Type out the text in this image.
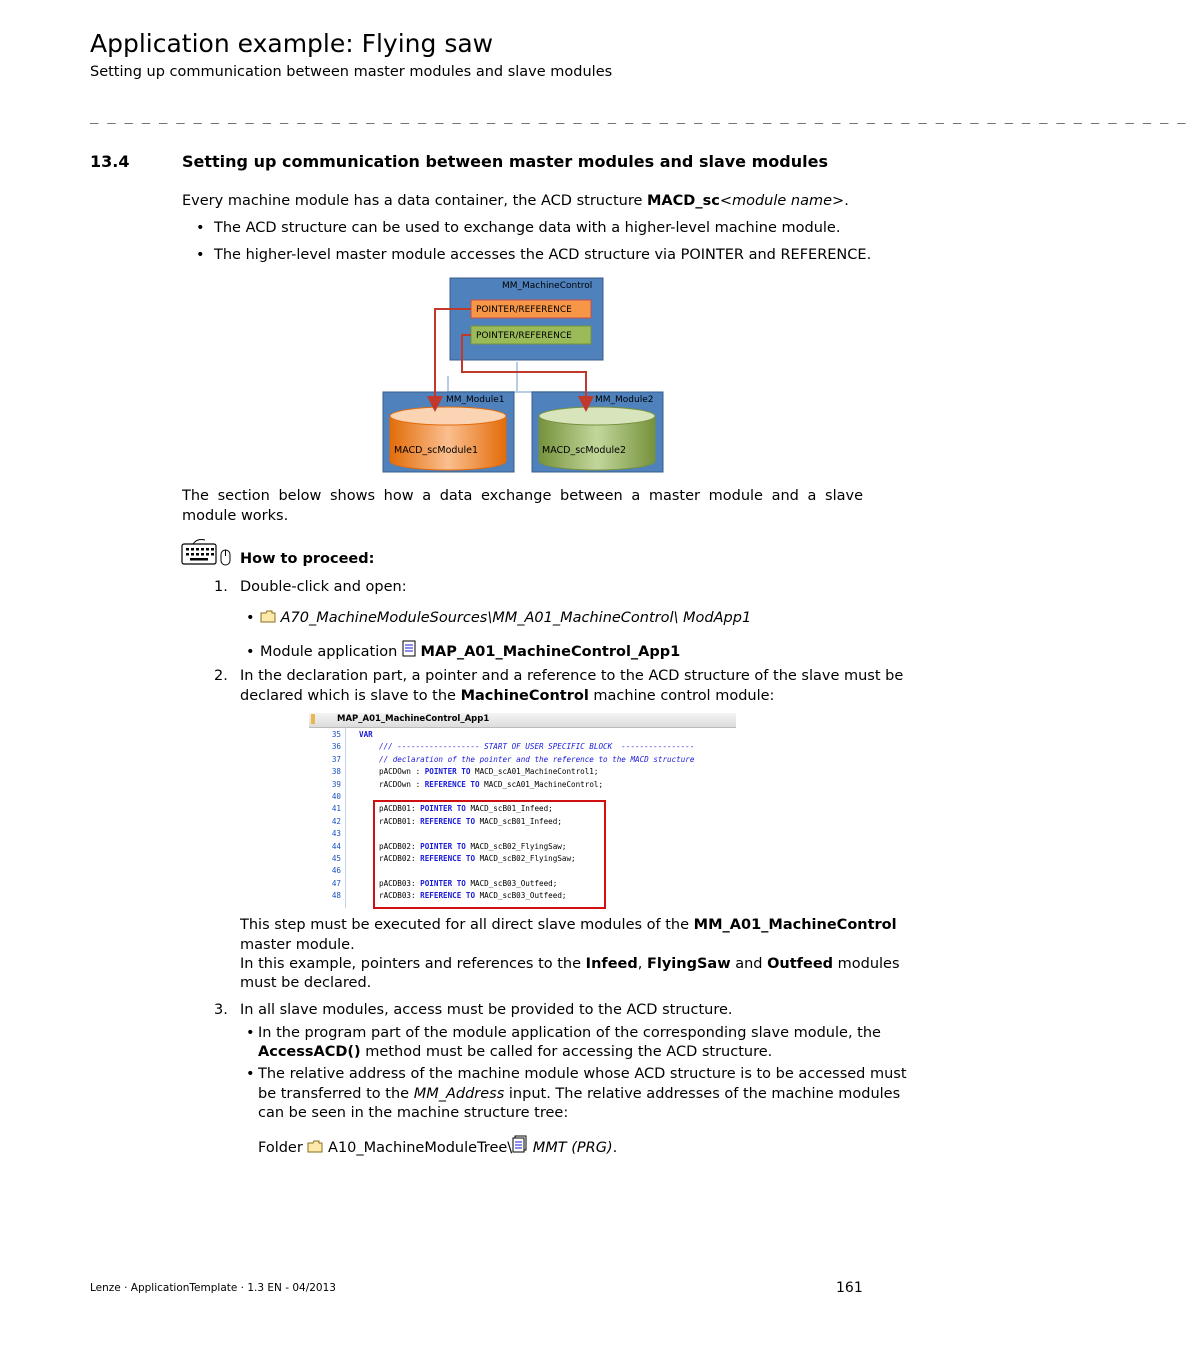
Application example: Flying saw
Setting up communication between master modules and slave modules
_ _ _ _ _ _ _ _ _ _ _ _ _ _ _ _ _ _ _ _ _ _ _ _ _ _ _ _ _ _ _ _ _ _ _ _ _ _ _ _ _ _ _ _ _ _ _ _ _ _ _ _ _ _ _ _ _ _ _ _ _ _ _ _
13.4	Setting up communication between master modules and slave modules

Every machine module has a data container, the ACD structure MACD_sc<module name>.

• The ACD structure can be used to exchange data with a higher-level machine module.
• The higher-level master module accesses the ACD structure via POINTER and REFERENCE.
MM_MachineControl
POINTER/REFERENCE
POINTER/REFERENCE
MM_Module1	MM_Module2
MACD_scModule1	MACD_scModule2

The section below shows how a data exchange between a master module and a slave module works.

How to proceed:
1. Double-click and open:
• A70_MachineModuleSources\MM_A01_MachineControl\ ModApp1
• Module application  MAP_A01_MachineControl_App1
2. In the declaration part, a pointer and a reference to the ACD structure of the slave must be
declared which is slave to the MachineControl machine control module:
MAP_A01_MachineControl_App1
35
36
37
38
39
40
41
42
43
44
45
46
47
48
VAR
/// ------------------ START OF USER SPECIFIC BLOCK  ----------------
// declaration of the pointer and the reference to the MACD structure
pACDOwn : POINTER TO MACD_scA01_MachineControl1;
rACDOwn : REFERENCE TO MACD_scA01_MachineControl;

pACDB01: POINTER TO MACD_scB01_Infeed;
rACDB01: REFERENCE TO MACD_scB01_Infeed;

pACDB02: POINTER TO MACD_scB02_FlyingSaw;
rACDB02: REFERENCE TO MACD_scB02_FlyingSaw;

pACDB03: POINTER TO MACD_scB03_Outfeed;
rACDB03: REFERENCE TO MACD_scB03_Outfeed;
This step must be executed for all direct slave modules of the MM_A01_MachineControl
master module.
In this example, pointers and references to the Infeed, FlyingSaw and Outfeed modules
must be declared.
3. In all slave modules, access must be provided to the ACD structure.
• In the program part of the module application of the corresponding slave module, the
AccessACD() method must be called for accessing the ACD structure.
• The relative address of the machine module whose ACD structure is to be accessed must
be transferred to the MM_Address input. The relative addresses of the machine modules
can be seen in the machine structure tree:
Folder  A10_MachineModuleTree\ MMT (PRG).
Lenze · ApplicationTemplate · 1.3 EN - 04/2013	161
